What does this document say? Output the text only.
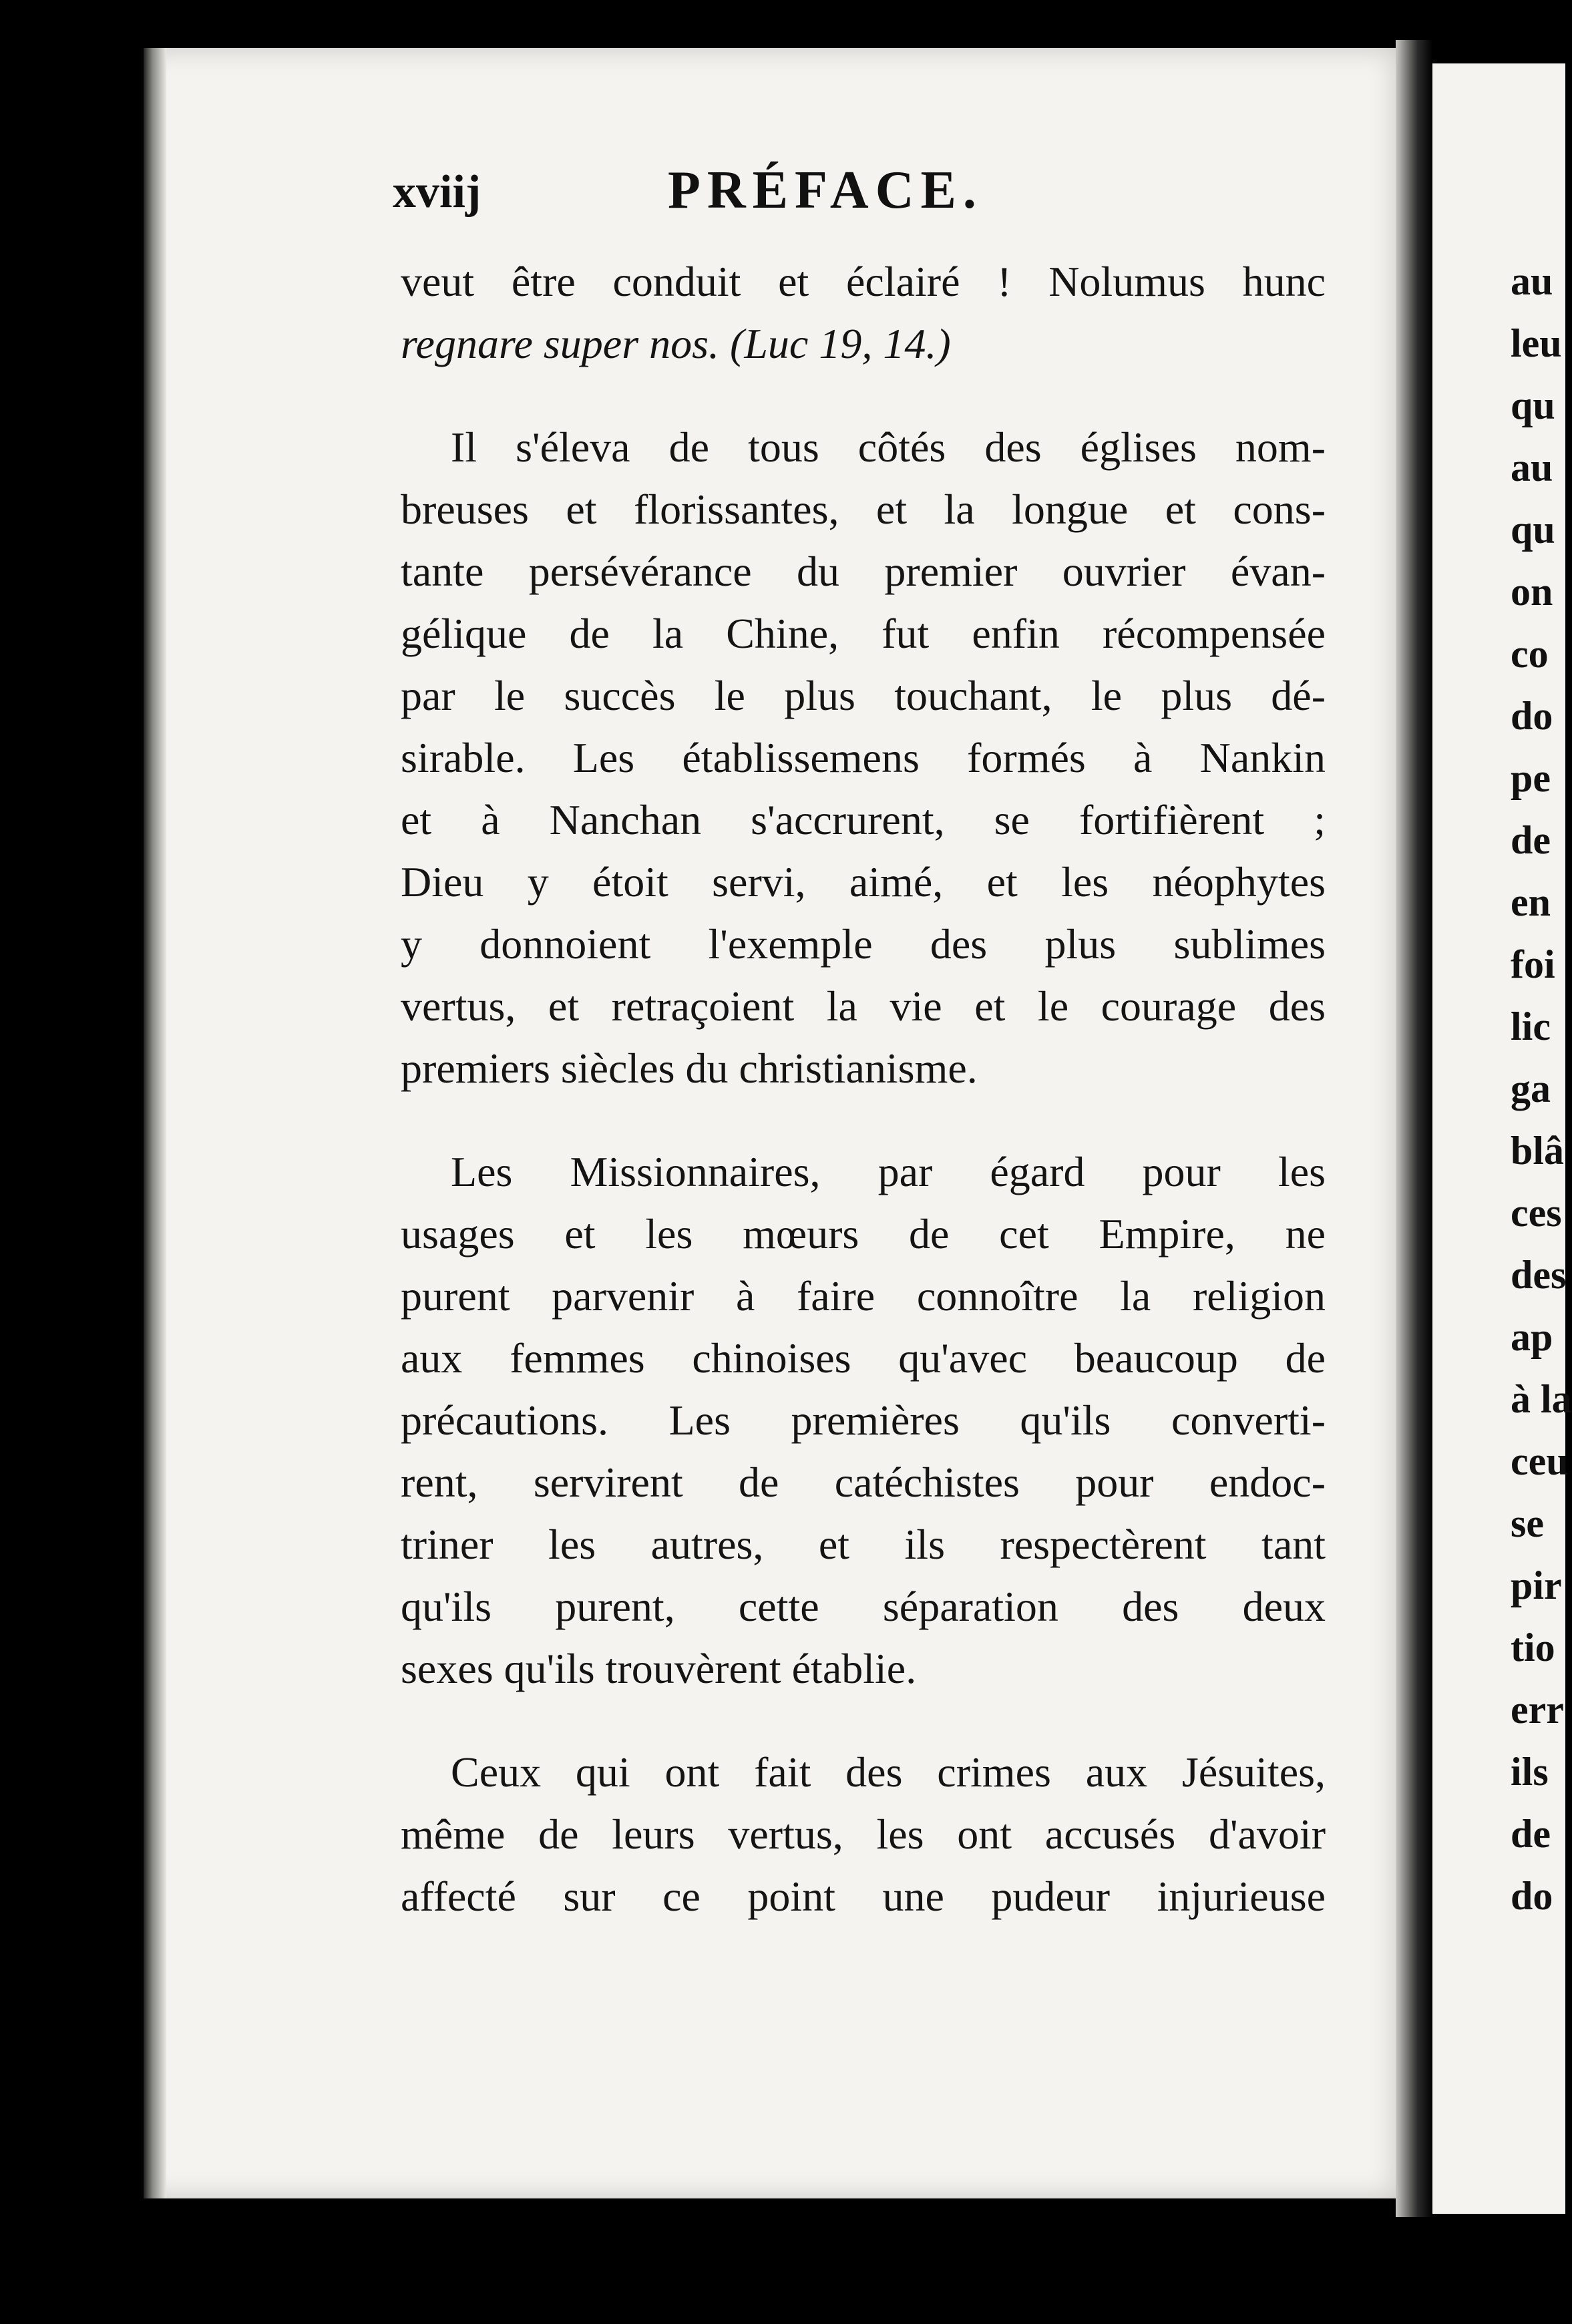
xviij	PRÉFACE.
veut être conduit et éclairé ! Nolumus hunc
regnare super nos. (Luc 19, 14.)
Il s'éleva de tous côtés des églises nom-
breuses et florissantes, et la longue et cons-
tante persévérance du premier ouvrier évan-
gélique de la Chine, fut enfin récompensée
par le succès le plus touchant, le plus dé-
sirable. Les établissemens formés à Nankin
et à Nanchan s'accrurent, se fortifièrent ;
Dieu y étoit servi, aimé, et les néophytes
y donnoient l'exemple des plus sublimes
vertus, et retraçoient la vie et le courage des
premiers siècles du christianisme.
Les Missionnaires, par égard pour les
usages et les mœurs de cet Empire, ne
purent parvenir à faire connoître la religion
aux femmes chinoises qu'avec beaucoup de
précautions. Les premières qu'ils converti-
rent, servirent de catéchistes pour endoc-
triner les autres, et ils respectèrent tant
qu'ils purent, cette séparation des deux
sexes qu'ils trouvèrent établie.
Ceux qui ont fait des crimes aux Jésuites,
même de leurs vertus, les ont accusés d'avoir
affecté sur ce point une pudeur injurieuse
au
leu
qu
au
qu
on
co
do
pe
de
en
foi
lic
ga
blâ
ces
des
ap
à la
ceu
se
pir
tio
err
ils
de
do
